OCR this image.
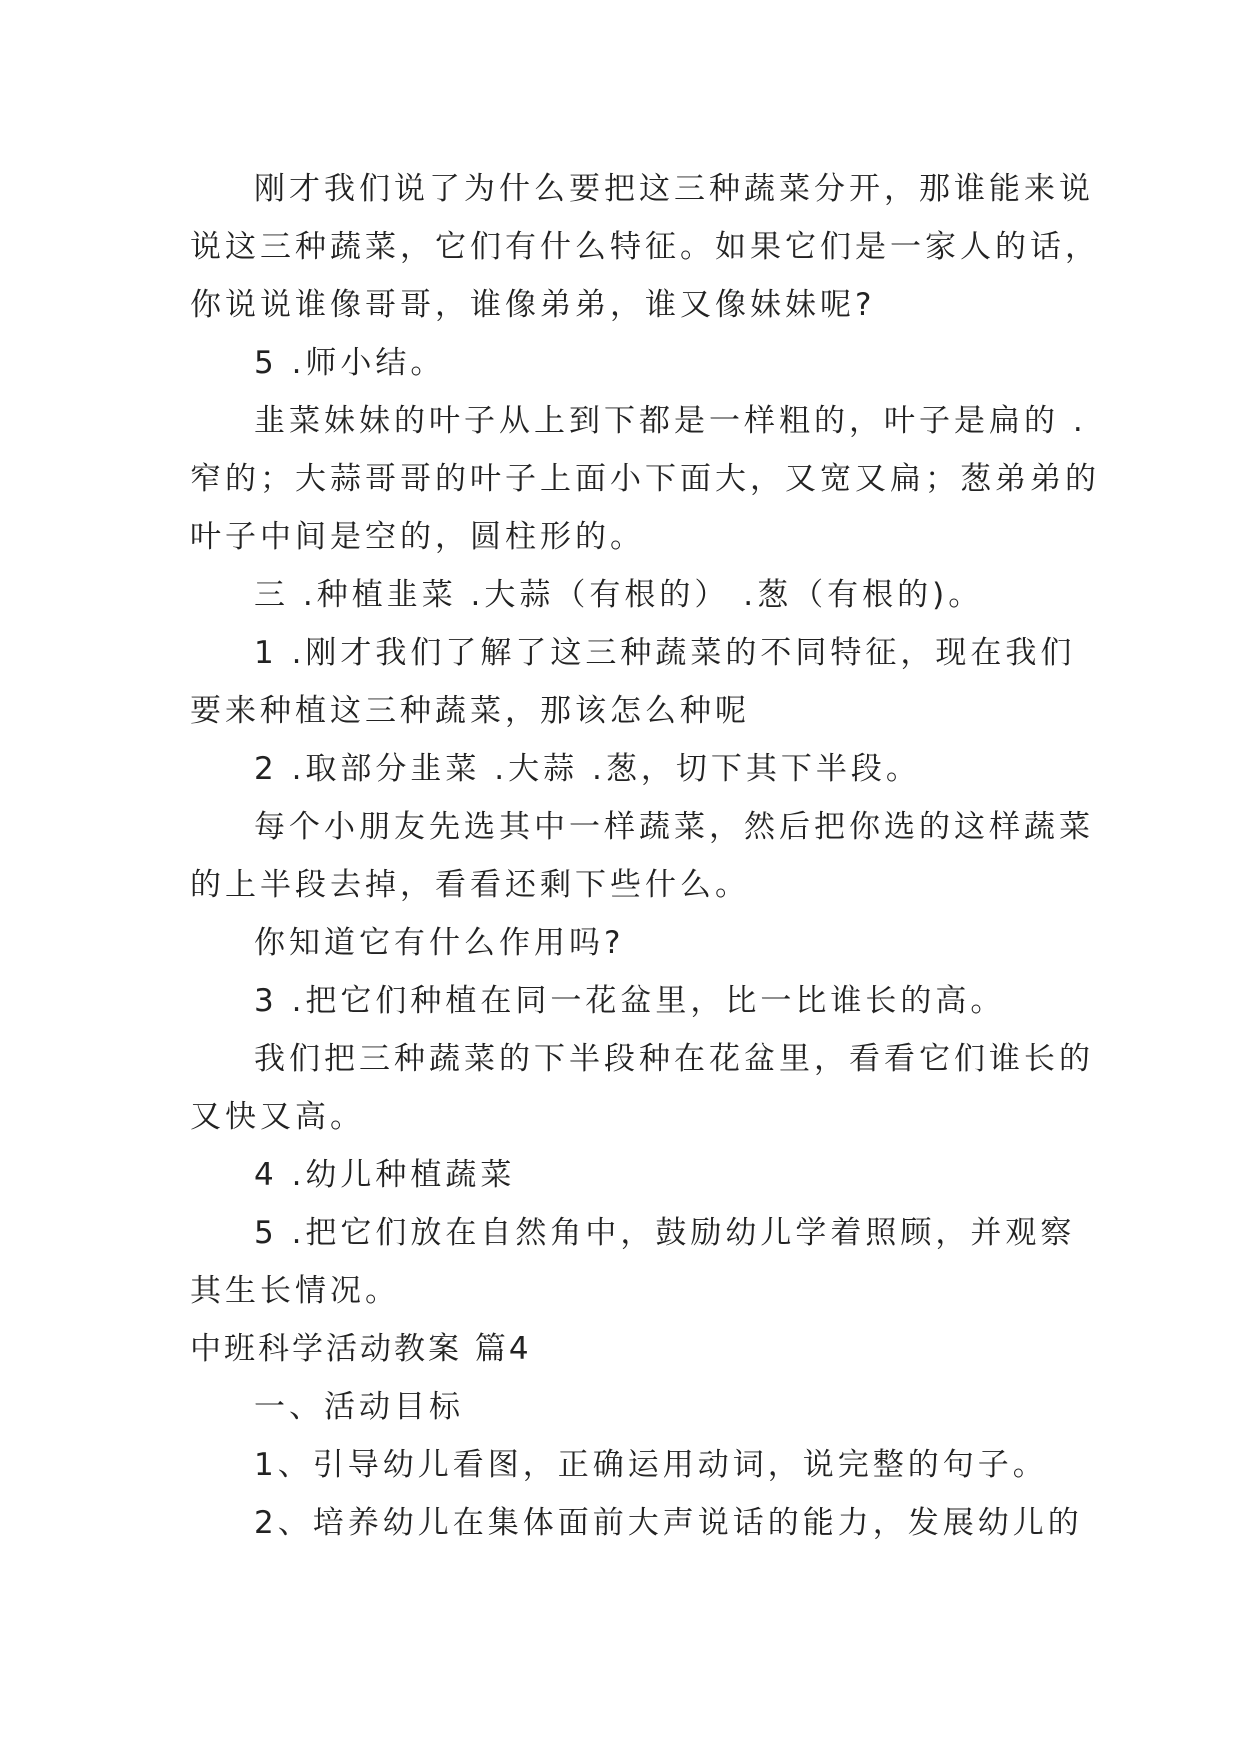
刚才我们说了为什么要把这三种蔬菜分开，那谁能来说
说这三种蔬菜，它们有什么特征。如果它们是一家人的话，
你说说谁像哥哥，谁像弟弟，谁又像妹妹呢?
5 .师小结。
韭菜妹妹的叶子从上到下都是一样粗的，叶子是扁的 .
窄的；大蒜哥哥的叶子上面小下面大，又宽又扁；葱弟弟的
叶子中间是空的，圆柱形的。
三 .种植韭菜 .大蒜（有根的） .葱（有根的)。
1 .刚才我们了解了这三种蔬菜的不同特征，现在我们
要来种植这三种蔬菜，那该怎么种呢
2 .取部分韭菜 .大蒜 .葱，切下其下半段。
每个小朋友先选其中一样蔬菜，然后把你选的这样蔬菜
的上半段去掉，看看还剩下些什么。
你知道它有什么作用吗?
3 .把它们种植在同一花盆里，比一比谁长的高。
我们把三种蔬菜的下半段种在花盆里，看看它们谁长的
又快又高。
4 .幼儿种植蔬菜
5 .把它们放在自然角中，鼓励幼儿学着照顾，并观察
其生长情况。
中班科学活动教案 篇4
一、活动目标
1、引导幼儿看图，正确运用动词，说完整的句子。
2、培养幼儿在集体面前大声说话的能力，发展幼儿的
